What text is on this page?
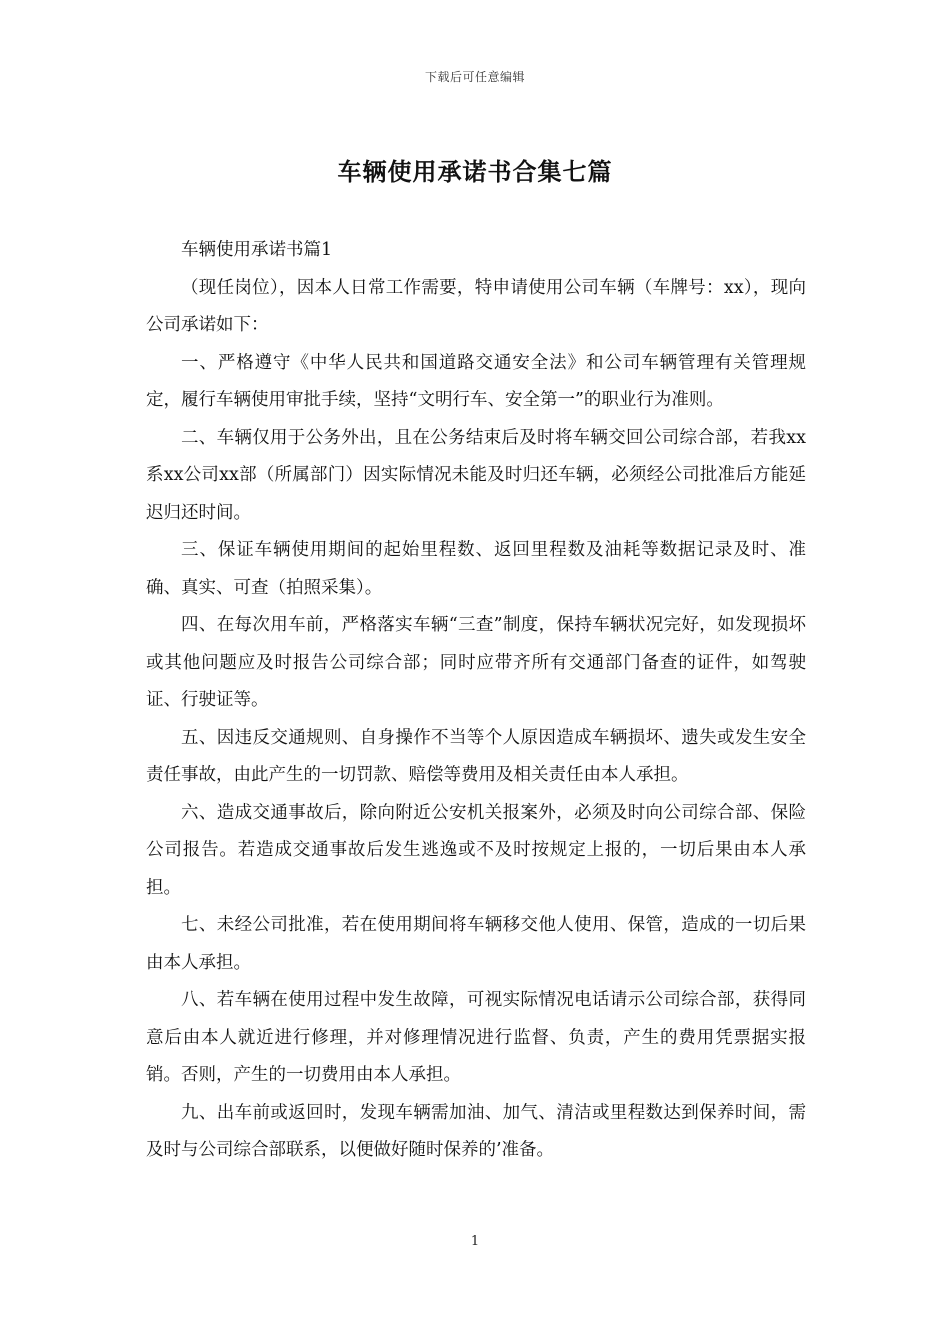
下载后可任意编辑
车辆使用承诺书合集七篇

车辆使用承诺书篇1

（现任岗位），因本人日常工作需要，特申请使用公司车辆（车牌号：xx），现向公司承诺如下：

一、严格遵守《中华人民共和国道路交通安全法》和公司车辆管理有关管理规定，履行车辆使用审批手续，坚持“文明行车、安全第一”的职业行为准则。

二、车辆仅用于公务外出，且在公务结束后及时将车辆交回公司综合部，若我xx系xx公司xx部（所属部门）因实际情况未能及时归还车辆，必须经公司批准后方能延迟归还时间。

三、保证车辆使用期间的起始里程数、返回里程数及油耗等数据记录及时、准确、真实、可查（拍照采集）。

四、在每次用车前，严格落实车辆“三查”制度，保持车辆状况完好，如发现损坏或其他问题应及时报告公司综合部；同时应带齐所有交通部门备查的证件，如驾驶证、行驶证等。

五、因违反交通规则、自身操作不当等个人原因造成车辆损坏、遗失或发生安全责任事故，由此产生的一切罚款、赔偿等费用及相关责任由本人承担。

六、造成交通事故后，除向附近公安机关报案外，必须及时向公司综合部、保险公司报告。若造成交通事故后发生逃逸或不及时按规定上报的，一切后果由本人承担。

七、未经公司批准，若在使用期间将车辆移交他人使用、保管，造成的一切后果由本人承担。

八、若车辆在使用过程中发生故障，可视实际情况电话请示公司综合部，获得同意后由本人就近进行修理，并对修理情况进行监督、负责，产生的费用凭票据实报销。否则，产生的一切费用由本人承担。

九、出车前或返回时，发现车辆需加油、加气、清洁或里程数达到保养时间，需及时与公司综合部联系，以便做好随时保养的’准备。

1
